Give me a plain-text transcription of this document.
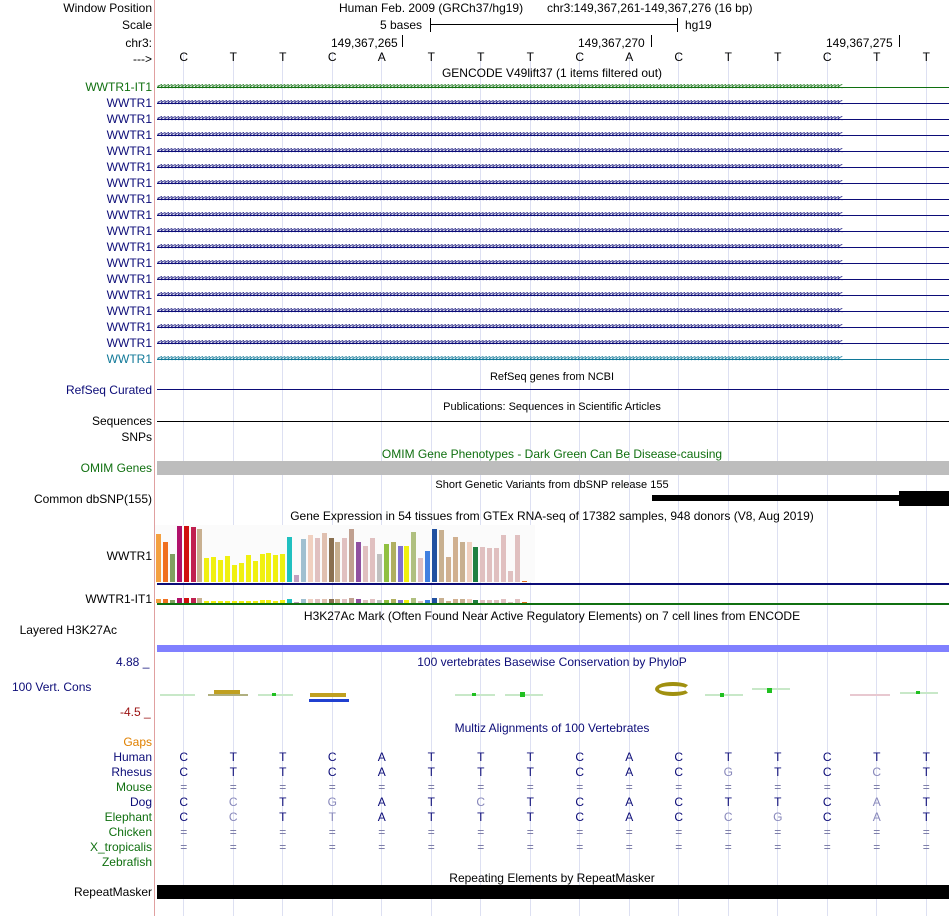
Window Position
Scale
chr3:
--->
Human Feb. 2009 (GRCh37/hg19) chr3:149,367,261-149,367,276 (16 bp)
5 bases	hg19
149,367,265	149,367,270	149,367,275
C	T	T	C	A	T	T	T	C	A	C	T	T	C	T	T
GENCODE V49lift37 (1 items filtered out)
WWTR1-IT1 <<<<<<<<<<<<<<<<<<<<<<<<<<<<<<<<<<<<<<<<<<<<<<<<<<<<<<<<<<<<<<<<<<<<<<<<<<<<<<<<<<<<<<<<<<<<<<<<<<<<<<<<<<<<<<<<<<<<<<<<<<<<<<<<<<<<<<<<<<<<<<<<<<<<<<<<<<<<<<<<<<<<<<<<<<<<<<<<<<<<<<<<<<<<<<<<<<<<<<<<
WWTR1 <<<<<<<<<<<<<<<<<<<<<<<<<<<<<<<<<<<<<<<<<<<<<<<<<<<<<<<<<<<<<<<<<<<<<<<<<<<<<<<<<<<<<<<<<<<<<<<<<<<<<<<<<<<<<<<<<<<<<<<<<<<<<<<<<<<<<<<<<<<<<<<<<<<<<<<<<<<<<<<<<<<<<<<<<<<<<<<<<<<<<<<<<<<<<<<<<<<<<<<<
WWTR1 <<<<<<<<<<<<<<<<<<<<<<<<<<<<<<<<<<<<<<<<<<<<<<<<<<<<<<<<<<<<<<<<<<<<<<<<<<<<<<<<<<<<<<<<<<<<<<<<<<<<<<<<<<<<<<<<<<<<<<<<<<<<<<<<<<<<<<<<<<<<<<<<<<<<<<<<<<<<<<<<<<<<<<<<<<<<<<<<<<<<<<<<<<<<<<<<<<<<<<<<
WWTR1 <<<<<<<<<<<<<<<<<<<<<<<<<<<<<<<<<<<<<<<<<<<<<<<<<<<<<<<<<<<<<<<<<<<<<<<<<<<<<<<<<<<<<<<<<<<<<<<<<<<<<<<<<<<<<<<<<<<<<<<<<<<<<<<<<<<<<<<<<<<<<<<<<<<<<<<<<<<<<<<<<<<<<<<<<<<<<<<<<<<<<<<<<<<<<<<<<<<<<<<<
WWTR1 <<<<<<<<<<<<<<<<<<<<<<<<<<<<<<<<<<<<<<<<<<<<<<<<<<<<<<<<<<<<<<<<<<<<<<<<<<<<<<<<<<<<<<<<<<<<<<<<<<<<<<<<<<<<<<<<<<<<<<<<<<<<<<<<<<<<<<<<<<<<<<<<<<<<<<<<<<<<<<<<<<<<<<<<<<<<<<<<<<<<<<<<<<<<<<<<<<<<<<<<
WWTR1 <<<<<<<<<<<<<<<<<<<<<<<<<<<<<<<<<<<<<<<<<<<<<<<<<<<<<<<<<<<<<<<<<<<<<<<<<<<<<<<<<<<<<<<<<<<<<<<<<<<<<<<<<<<<<<<<<<<<<<<<<<<<<<<<<<<<<<<<<<<<<<<<<<<<<<<<<<<<<<<<<<<<<<<<<<<<<<<<<<<<<<<<<<<<<<<<<<<<<<<<
WWTR1 <<<<<<<<<<<<<<<<<<<<<<<<<<<<<<<<<<<<<<<<<<<<<<<<<<<<<<<<<<<<<<<<<<<<<<<<<<<<<<<<<<<<<<<<<<<<<<<<<<<<<<<<<<<<<<<<<<<<<<<<<<<<<<<<<<<<<<<<<<<<<<<<<<<<<<<<<<<<<<<<<<<<<<<<<<<<<<<<<<<<<<<<<<<<<<<<<<<<<<<<
WWTR1 <<<<<<<<<<<<<<<<<<<<<<<<<<<<<<<<<<<<<<<<<<<<<<<<<<<<<<<<<<<<<<<<<<<<<<<<<<<<<<<<<<<<<<<<<<<<<<<<<<<<<<<<<<<<<<<<<<<<<<<<<<<<<<<<<<<<<<<<<<<<<<<<<<<<<<<<<<<<<<<<<<<<<<<<<<<<<<<<<<<<<<<<<<<<<<<<<<<<<<<<
WWTR1 <<<<<<<<<<<<<<<<<<<<<<<<<<<<<<<<<<<<<<<<<<<<<<<<<<<<<<<<<<<<<<<<<<<<<<<<<<<<<<<<<<<<<<<<<<<<<<<<<<<<<<<<<<<<<<<<<<<<<<<<<<<<<<<<<<<<<<<<<<<<<<<<<<<<<<<<<<<<<<<<<<<<<<<<<<<<<<<<<<<<<<<<<<<<<<<<<<<<<<<<
WWTR1 <<<<<<<<<<<<<<<<<<<<<<<<<<<<<<<<<<<<<<<<<<<<<<<<<<<<<<<<<<<<<<<<<<<<<<<<<<<<<<<<<<<<<<<<<<<<<<<<<<<<<<<<<<<<<<<<<<<<<<<<<<<<<<<<<<<<<<<<<<<<<<<<<<<<<<<<<<<<<<<<<<<<<<<<<<<<<<<<<<<<<<<<<<<<<<<<<<<<<<<<
WWTR1 <<<<<<<<<<<<<<<<<<<<<<<<<<<<<<<<<<<<<<<<<<<<<<<<<<<<<<<<<<<<<<<<<<<<<<<<<<<<<<<<<<<<<<<<<<<<<<<<<<<<<<<<<<<<<<<<<<<<<<<<<<<<<<<<<<<<<<<<<<<<<<<<<<<<<<<<<<<<<<<<<<<<<<<<<<<<<<<<<<<<<<<<<<<<<<<<<<<<<<<<
WWTR1 <<<<<<<<<<<<<<<<<<<<<<<<<<<<<<<<<<<<<<<<<<<<<<<<<<<<<<<<<<<<<<<<<<<<<<<<<<<<<<<<<<<<<<<<<<<<<<<<<<<<<<<<<<<<<<<<<<<<<<<<<<<<<<<<<<<<<<<<<<<<<<<<<<<<<<<<<<<<<<<<<<<<<<<<<<<<<<<<<<<<<<<<<<<<<<<<<<<<<<<<
WWTR1 <<<<<<<<<<<<<<<<<<<<<<<<<<<<<<<<<<<<<<<<<<<<<<<<<<<<<<<<<<<<<<<<<<<<<<<<<<<<<<<<<<<<<<<<<<<<<<<<<<<<<<<<<<<<<<<<<<<<<<<<<<<<<<<<<<<<<<<<<<<<<<<<<<<<<<<<<<<<<<<<<<<<<<<<<<<<<<<<<<<<<<<<<<<<<<<<<<<<<<<<
WWTR1 <<<<<<<<<<<<<<<<<<<<<<<<<<<<<<<<<<<<<<<<<<<<<<<<<<<<<<<<<<<<<<<<<<<<<<<<<<<<<<<<<<<<<<<<<<<<<<<<<<<<<<<<<<<<<<<<<<<<<<<<<<<<<<<<<<<<<<<<<<<<<<<<<<<<<<<<<<<<<<<<<<<<<<<<<<<<<<<<<<<<<<<<<<<<<<<<<<<<<<<<
WWTR1 <<<<<<<<<<<<<<<<<<<<<<<<<<<<<<<<<<<<<<<<<<<<<<<<<<<<<<<<<<<<<<<<<<<<<<<<<<<<<<<<<<<<<<<<<<<<<<<<<<<<<<<<<<<<<<<<<<<<<<<<<<<<<<<<<<<<<<<<<<<<<<<<<<<<<<<<<<<<<<<<<<<<<<<<<<<<<<<<<<<<<<<<<<<<<<<<<<<<<<<<
WWTR1 <<<<<<<<<<<<<<<<<<<<<<<<<<<<<<<<<<<<<<<<<<<<<<<<<<<<<<<<<<<<<<<<<<<<<<<<<<<<<<<<<<<<<<<<<<<<<<<<<<<<<<<<<<<<<<<<<<<<<<<<<<<<<<<<<<<<<<<<<<<<<<<<<<<<<<<<<<<<<<<<<<<<<<<<<<<<<<<<<<<<<<<<<<<<<<<<<<<<<<<<
WWTR1 <<<<<<<<<<<<<<<<<<<<<<<<<<<<<<<<<<<<<<<<<<<<<<<<<<<<<<<<<<<<<<<<<<<<<<<<<<<<<<<<<<<<<<<<<<<<<<<<<<<<<<<<<<<<<<<<<<<<<<<<<<<<<<<<<<<<<<<<<<<<<<<<<<<<<<<<<<<<<<<<<<<<<<<<<<<<<<<<<<<<<<<<<<<<<<<<<<<<<<<<
WWTR1 <<<<<<<<<<<<<<<<<<<<<<<<<<<<<<<<<<<<<<<<<<<<<<<<<<<<<<<<<<<<<<<<<<<<<<<<<<<<<<<<<<<<<<<<<<<<<<<<<<<<<<<<<<<<<<<<<<<<<<<<<<<<<<<<<<<<<<<<<<<<<<<<<<<<<<<<<<<<<<<<<<<<<<<<<<<<<<<<<<<<<<<<<<<<<<<<<<<<<<<<
RefSeq Curated
RefSeq genes from NCBI
Sequences
Publications: Sequences in Scientific Articles
SNPs
OMIM Gene Phenotypes - Dark Green Can Be Disease-causing
OMIM Genes
Short Genetic Variants from dbSNP release 155
Common dbSNP(155)
Gene Expression in 54 tissues from GTEx RNA-seq of 17382 samples, 948 donors (V8, Aug 2019)
WWTR1
WWTR1-IT1
H3K27Ac Mark (Often Found Near Active Regulatory Elements) on 7 cell lines from ENCODE
Layered H3K27Ac
4.88 _	100 vertebrates Basewise Conservation by PhyloP
100 Vert. Cons
-4.5 _
Multiz Alignments of 100 Vertebrates
Gaps
Human C	T	T	C	A	T	T	T	C	A	C	T	T	C	T	T
Rhesus C	T	T	C	A	T	T	T	C	A	C	G	T	C	C	T
Mouse =	=	=	=	=	=	=	=	=	=	=	=	=	=	=	=
Dog C	C	T	G	A	T	C	T	C	A	C	T	T	C	A	T
Elephant C	C	T	T	A	T	T	T	C	A	C	C	G	C	A	T
Chicken =	=	=	=	=	=	=	=	=	=	=	=	=	=	=	=
X_tropicalis =	=	=	=	=	=	=	=	=	=	=	=	=	=	=	=
Zebrafish
Repeating Elements by RepeatMasker
RepeatMasker
